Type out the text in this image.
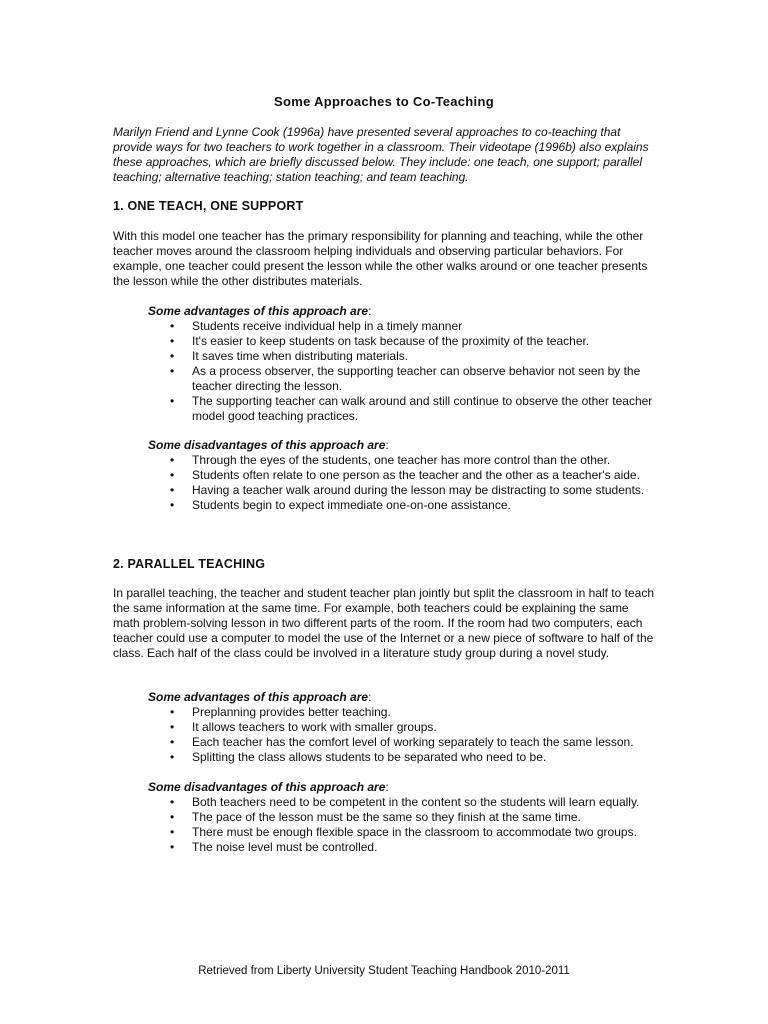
Some Approaches to Co-Teaching
Marilyn Friend and Lynne Cook (1996a) have presented several approaches to co-teaching that provide ways for two teachers to work together in a classroom. Their videotape (1996b) also explains these approaches, which are briefly discussed below. They include: one teach, one support; parallel teaching; alternative teaching; station teaching; and team teaching.
1. ONE TEACH, ONE SUPPORT
With this model one teacher has the primary responsibility for planning and teaching, while the other teacher moves around the classroom helping individuals and observing particular behaviors. For example, one teacher could present the lesson while the other walks around or one teacher presents the lesson while the other distributes materials.
Some advantages of this approach are:
• Students receive individual help in a timely manner
• It's easier to keep students on task because of the proximity of the teacher.
• It saves time when distributing materials.
• As a process observer, the supporting teacher can observe behavior not seen by the teacher directing the lesson.
• The supporting teacher can walk around and still continue to observe the other teacher model good teaching practices.
Some disadvantages of this approach are:
• Through the eyes of the students, one teacher has more control than the other.
• Students often relate to one person as the teacher and the other as a teacher's aide.
• Having a teacher walk around during the lesson may be distracting to some students.
• Students begin to expect immediate one-on-one assistance.
2. PARALLEL TEACHING
In parallel teaching, the teacher and student teacher plan jointly but split the classroom in half to teach the same information at the same time. For example, both teachers could be explaining the same math problem-solving lesson in two different parts of the room. If the room had two computers, each teacher could use a computer to model the use of the Internet or a new piece of software to half of the class. Each half of the class could be involved in a literature study group during a novel study.
Some advantages of this approach are:
• Preplanning provides better teaching.
• It allows teachers to work with smaller groups.
• Each teacher has the comfort level of working separately to teach the same lesson.
• Splitting the class allows students to be separated who need to be.
Some disadvantages of this approach are:
• Both teachers need to be competent in the content so the students will learn equally.
• The pace of the lesson must be the same so they finish at the same time.
• There must be enough flexible space in the classroom to accommodate two groups.
• The noise level must be controlled.
Retrieved from Liberty University Student Teaching Handbook 2010-2011
